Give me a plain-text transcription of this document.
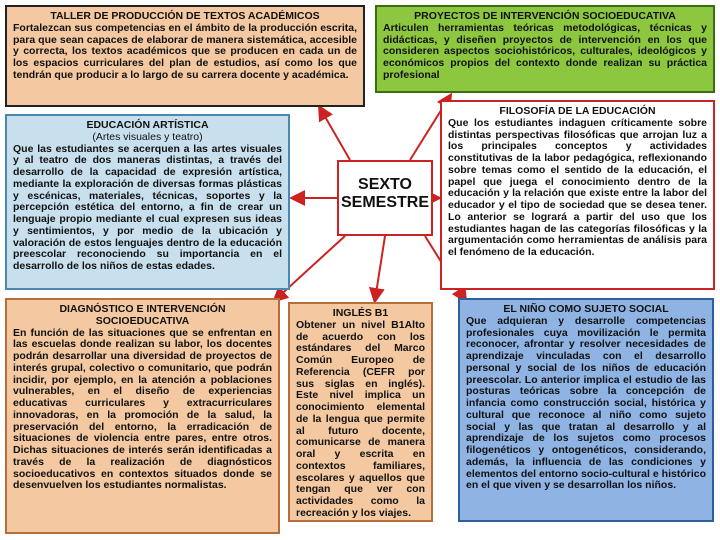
TALLER DE PRODUCCIÓN DE TEXTOS ACADÉMICOS
Fortalezcan sus competencias en el ámbito de la producción escrita, para que sean capaces de elaborar de manera sistemática, accesible y correcta, los textos académicos que se producen en cada un de los espacios curriculares del plan de estudios, así como los que tendrán que producir a lo largo de su carrera docente y académica.
PROYECTOS DE INTERVENCIÓN SOCIOEDUCATIVA
Articulen herramientas teóricas metodológicas, técnicas y didácticas, y diseñen proyectos de intervención en los que consideren aspectos sociohistóricos, culturales, ideológicos y económicos propios del contexto donde realizan su práctica profesional
EDUCACIÓN ARTÍSTICA
(Artes visuales y teatro)
Que las estudiantes se acerquen a las artes visuales y al teatro de dos maneras distintas, a través del desarrollo de la capacidad de expresión artística, mediante la exploración de diversas formas plásticas y escénicas, materiales, técnicas, soportes y la percepción estética del entorno, a fin de crear un lenguaje propio mediante el cual expresen sus ideas y sentimientos, y por medio de la ubicación y valoración de estos lenguajes dentro de la educación preescolar reconociendo su importancia en el desarrollo de los niños de estas edades.
SEXTO SEMESTRE
FILOSOFÍA DE LA EDUCACIÓN
Que los estudiantes indaguen críticamente sobre distintas perspectivas filosóficas que arrojan luz a los principales conceptos y actividades constitutivas de la labor pedagógica, reflexionando sobre temas como el sentido de la educación, el papel que juega el conocimiento dentro de la educación y la relación que existe entre la labor del educador y el tipo de sociedad que se desea tener. Lo anterior se logrará a partir del uso que los estudiantes hagan de las categorías filosóficas y la argumentación como herramientas de análisis para el fenómeno de la educación.
DIAGNÓSTICO E INTERVENCIÓN SOCIOEDUCATIVA
En función de las situaciones que se enfrentan en las escuelas donde realizan su labor, los docentes podrán desarrollar una diversidad de proyectos de interés grupal, colectivo o comunitario, que podrán incidir, por ejemplo, en la atención a poblaciones vulnerables, en el diseño de experiencias educativas curriculares y extracurriculares innovadoras, en la promoción de la salud, la preservación del entorno, la erradicación de situaciones de violencia entre pares, entre otros. Dichas situaciones de interés serán identificadas a través de la realización de diagnósticos socioeducativos en contextos situados donde se desenvuelven los estudiantes normalistas.
INGLÉS B1
Obtener un nivel B1Alto de acuerdo con los estándares del Marco Común Europeo de Referencia (CEFR por sus siglas en inglés). Este nivel implica un conocimiento elemental de la lengua que permite al futuro docente, comunicarse de manera oral y escrita en contextos familiares, escolares y aquellos que tengan que ver con actividades como la recreación y los viajes.
EL NIÑO COMO SUJETO SOCIAL
Que adquieran y desarrolle competencias profesionales cuya movilización le permita reconocer, afrontar y resolver necesidades de aprendizaje vinculadas con el desarrollo personal y social de los niños de educación preescolar. Lo anterior implica el estudio de las posturas teóricas sobre la concepción de infancia como construcción social, histórica y cultural que reconoce al niño como sujeto social y las que tratan al desarrollo y al aprendizaje de los sujetos como procesos filogenéticos y ontogenéticos, considerando, además, la influencia de las condiciones y elementos del entorno socio-cultural e histórico en el que viven y se desarrollan los niños.
